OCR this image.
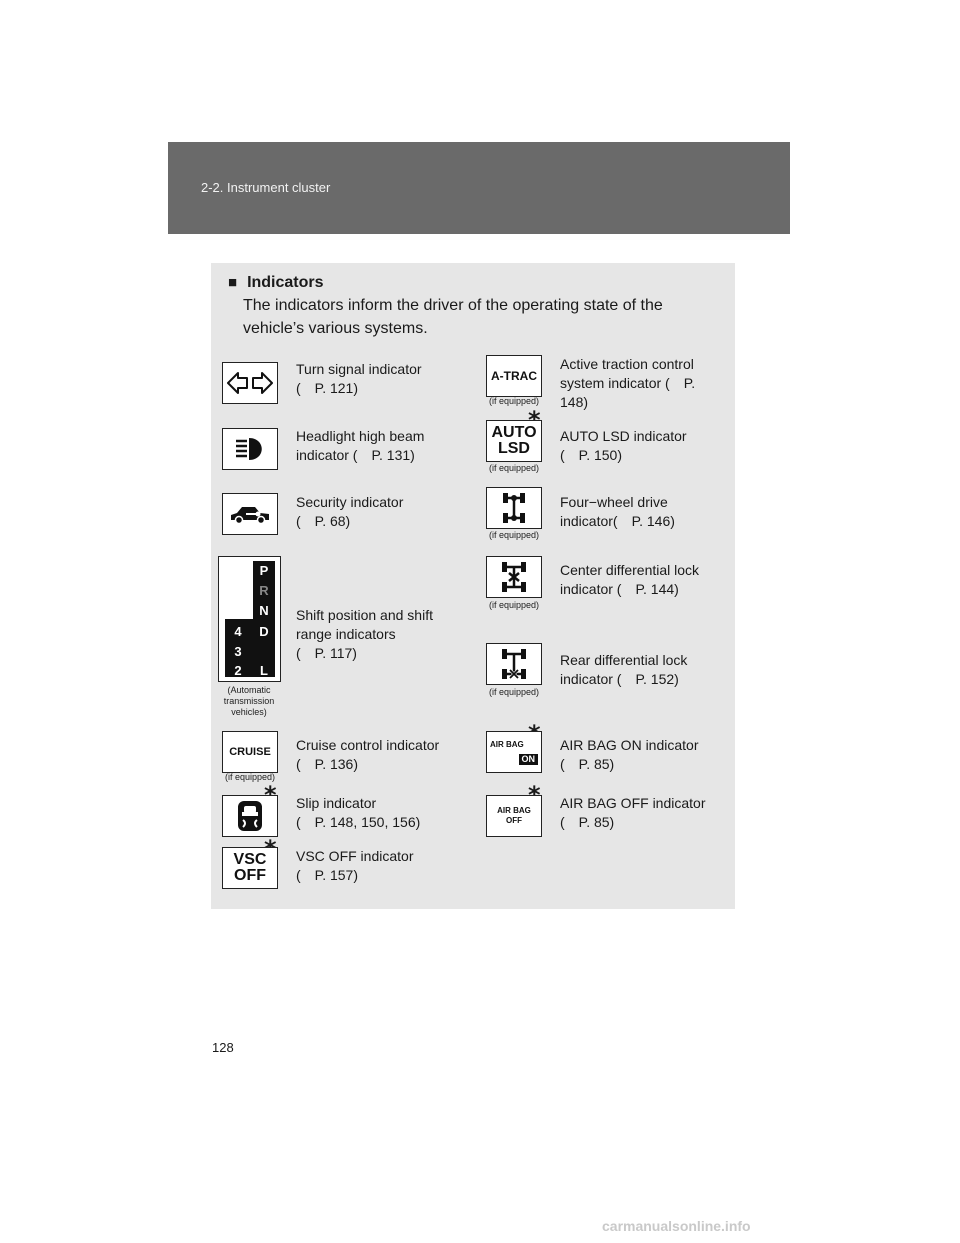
2-2. Instrument cluster
■ Indicators
The indicators inform the driver of the operating state of the vehicle’s various systems.
Turn signal indicator
( P. 121)
Headlight high beam
indicator ( P. 131)
Security indicator
( P. 68)
P
R
N
D
4
3
2 L
(Automatic
transmission
vehicles)
Shift position and shift
range indicators
( P. 117)
CRUISE
(if equipped)
Cruise control indicator
( P. 136)
Slip indicator
( P. 148, 150, 156)
VSC
OFF
VSC OFF indicator
( P. 157)
A-TRAC
(if equipped)
Active traction control
system indicator ( P.
148)
AUTO
LSD
(if equipped)
AUTO LSD indicator
( P. 150)
(if equipped)
Four−wheel drive
indicator( P. 146)
(if equipped)
Center differential lock
indicator ( P. 144)
(if equipped)
Rear differential lock
indicator ( P. 152)
AIR BAG
ON
AIR BAG ON indicator
( P. 85)
AIR BAG
OFF
AIR BAG OFF indicator
( P. 85)
128
carmanualsonline.info
